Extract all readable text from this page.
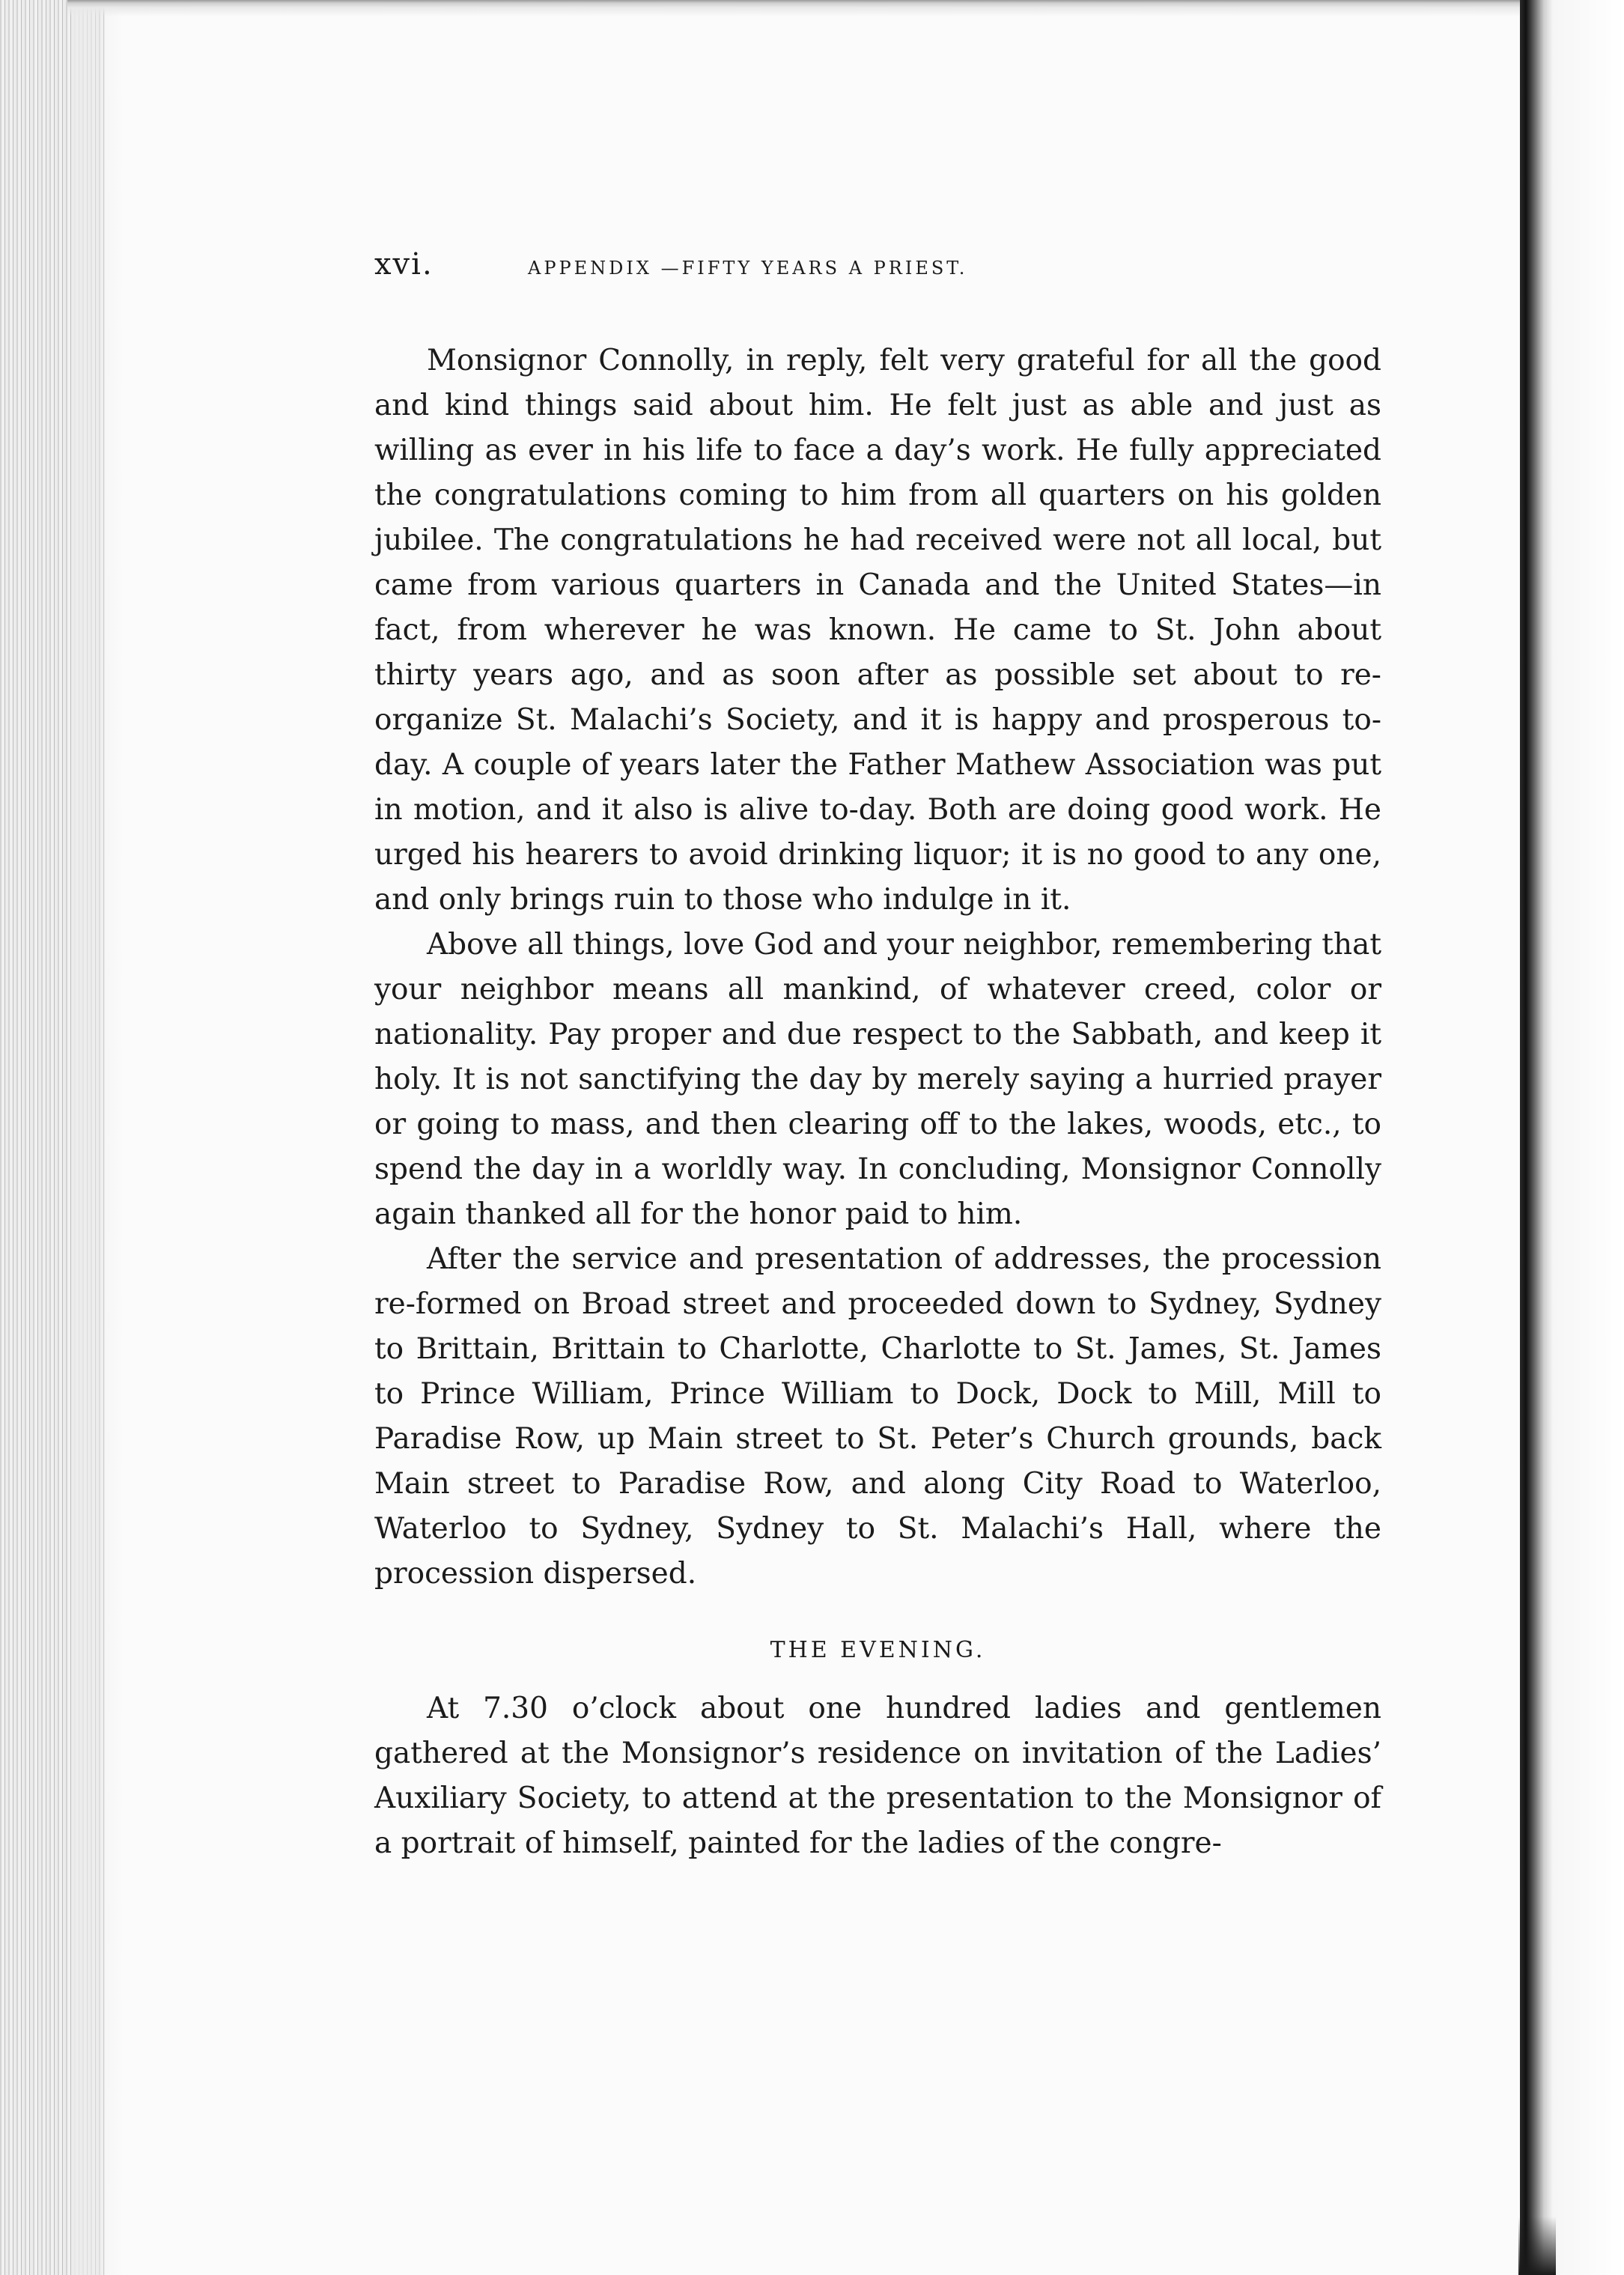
xvi.	APPENDIX —FIFTY YEARS A PRIEST.

Monsignor Connolly, in reply, felt very grateful for all the good and kind things said about him. He felt just as able and just as willing as ever in his life to face a day’s work. He fully appreciated the congratulations coming to him from all quarters on his golden jubilee. The congratulations he had received were not all local, but came from various quarters in Canada and the United States—in fact, from wherever he was known. He came to St. John about thirty years ago, and as soon after as possible set about to re-organize St. Malachi’s Society, and it is happy and prosperous to-day. A couple of years later the Father Mathew Association was put in motion, and it also is alive to-day. Both are doing good work. He urged his hearers to avoid drinking liquor; it is no good to any one, and only brings ruin to those who indulge in it.

Above all things, love God and your neighbor, remembering that your neighbor means all mankind, of whatever creed, color or nationality. Pay proper and due respect to the Sabbath, and keep it holy. It is not sanctifying the day by merely saying a hurried prayer or going to mass, and then clearing off to the lakes, woods, etc., to spend the day in a worldly way. In concluding, Monsignor Connolly again thanked all for the honor paid to him.

After the service and presentation of addresses, the procession re-formed on Broad street and proceeded down to Sydney, Sydney to Brittain, Brittain to Charlotte, Charlotte to St. James, St. James to Prince William, Prince William to Dock, Dock to Mill, Mill to Paradise Row, up Main street to St. Peter’s Church grounds, back Main street to Paradise Row, and along City Road to Waterloo, Waterloo to Sydney, Sydney to St. Malachi’s Hall, where the procession dispersed.

THE EVENING.

At 7.30 o’clock about one hundred ladies and gentlemen gathered at the Monsignor’s residence on invitation of the Ladies’ Auxiliary Society, to attend at the presentation to the Monsignor of a portrait of himself, painted for the ladies of the congre-
